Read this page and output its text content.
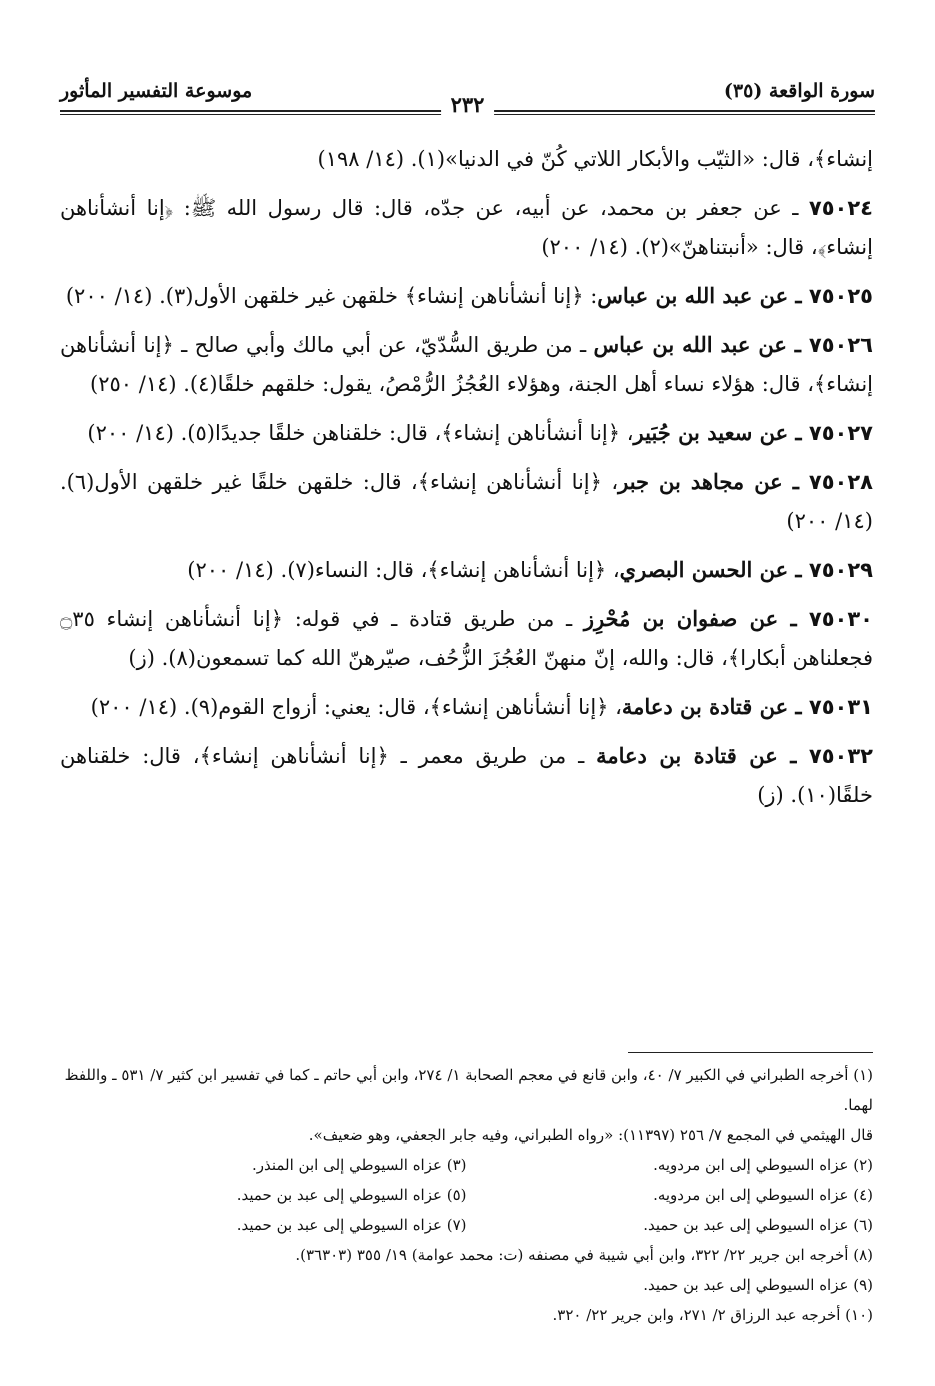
سورة الواقعة (٣٥)
٢٣٢
موسوعة التفسير المأثور

إنشاء﴾، قال: «الثيّب والأبكار اللاتي كُنّ في الدنيا»(١). (١٤/ ١٩٨)

٧٥٠٢٤ ـ عن جعفر بن محمد، عن أبيه، عن جدّه، قال: قال رسول الله ﷺ: ﴿إنا أنشأناهن إنشاء﴾، قال: «أنبتناهنّ»(٢). (١٤/ ٢٠٠)

٧٥٠٢٥ ـ عن عبد الله بن عباس: ﴿إنا أنشأناهن إنشاء﴾ خلقهن غير خلقهن الأول(٣). (١٤/ ٢٠٠)

٧٥٠٢٦ ـ عن عبد الله بن عباس ـ من طريق السُّدّيّ، عن أبي مالك وأبي صالح ـ ﴿إنا أنشأناهن إنشاء﴾، قال: هؤلاء نساء أهل الجنة، وهؤلاء العُجُزُ الرُّمْصُ، يقول: خلقهم خلقًا(٤). (١٤/ ٢٥٠)

٧٥٠٢٧ ـ عن سعيد بن جُبَير، ﴿إنا أنشأناهن إنشاء﴾، قال: خلقناهن خلقًا جديدًا(٥). (١٤/ ٢٠٠)

٧٥٠٢٨ ـ عن مجاهد بن جبر، ﴿إنا أنشأناهن إنشاء﴾، قال: خلقهن خلقًا غير خلقهن الأول(٦). (١٤/ ٢٠٠)

٧٥٠٢٩ ـ عن الحسن البصري، ﴿إنا أنشأناهن إنشاء﴾، قال: النساء(٧). (١٤/ ٢٠٠)

٧٥٠٣٠ ـ عن صفوان بن مُحْرِز ـ من طريق قتادة ـ في قوله: ﴿إنا أنشأناهن إنشاء ۝٣٥ فجعلناهن أبكارا﴾، قال: والله، إنّ منهنّ العُجُزَ الزُّحُف، صيّرهنّ الله كما تسمعون(٨). (ز)

٧٥٠٣١ ـ عن قتادة بن دعامة، ﴿إنا أنشأناهن إنشاء﴾، قال: يعني: أزواج القوم(٩). (١٤/ ٢٠٠)

٧٥٠٣٢ ـ عن قتادة بن دعامة ـ من طريق معمر ـ ﴿إنا أنشأناهن إنشاء﴾، قال: خلقناهن خلقًا(١٠). (ز)

(١) أخرجه الطبراني في الكبير ٧/ ٤٠، وابن قانع في معجم الصحابة ١/ ٢٧٤، وابن أبي حاتم ـ كما في تفسير ابن كثير ٧/ ٥٣١ ـ واللفظ لهما.

قال الهيثمي في المجمع ٧/ ٢٥٦ (١١٣٩٧): «رواه الطبراني، وفيه جابر الجعفي، وهو ضعيف».

(٢) عزاه السيوطي إلى ابن مردويه.
(٣) عزاه السيوطي إلى ابن المنذر.

(٤) عزاه السيوطي إلى ابن مردويه.
(٥) عزاه السيوطي إلى عبد بن حميد.

(٦) عزاه السيوطي إلى عبد بن حميد.
(٧) عزاه السيوطي إلى عبد بن حميد.

(٨) أخرجه ابن جرير ٢٢/ ٣٢٢، وابن أبي شيبة في مصنفه (ت: محمد عوامة) ١٩/ ٣٥٥ (٣٦٣٠٣).

(٩) عزاه السيوطي إلى عبد بن حميد.

(١٠) أخرجه عبد الرزاق ٢/ ٢٧١، وابن جرير ٢٢/ ٣٢٠.
